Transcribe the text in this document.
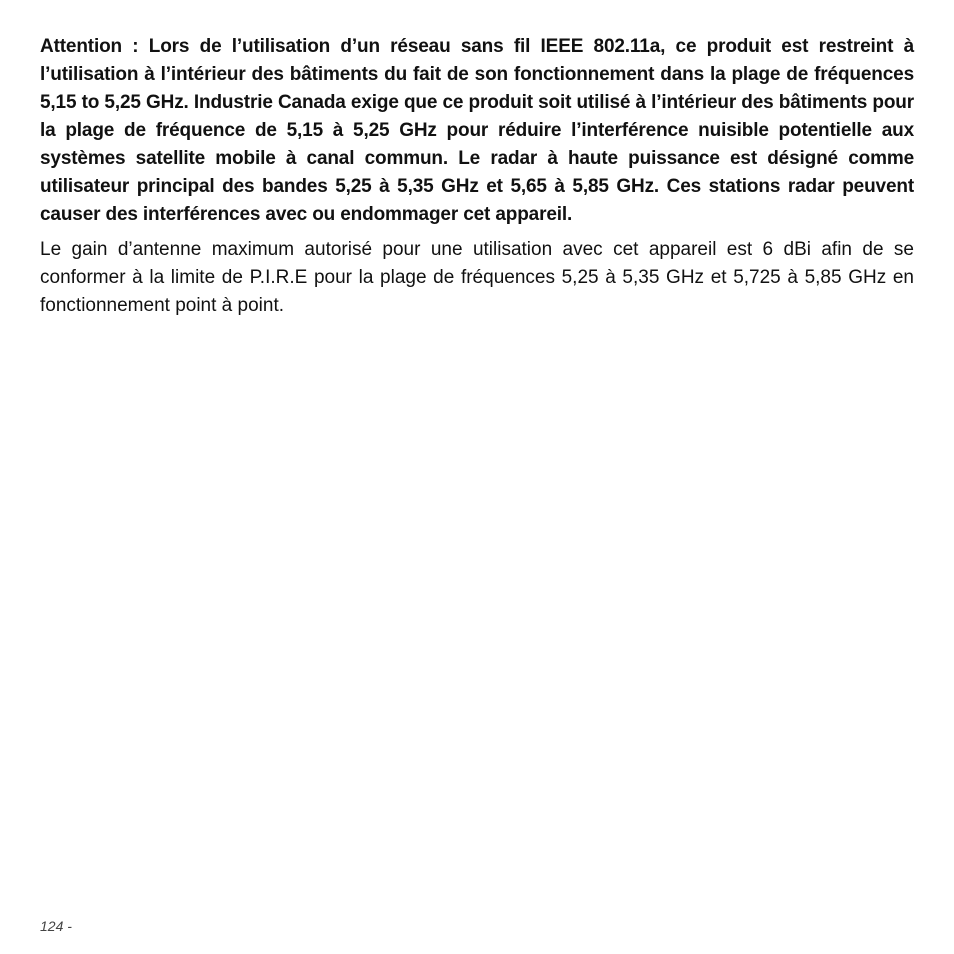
Attention : Lors de l’utilisation d’un réseau sans fil IEEE 802.11a, ce produit est restreint à l’utilisation à l’intérieur des bâtiments du fait de son fonctionnement dans la plage de fréquences 5,15 to 5,25 GHz. Industrie Canada exige que ce produit soit utilisé à l’intérieur des bâtiments pour la plage de fréquence de 5,15 à 5,25 GHz pour réduire l’interférence nuisible potentielle aux systèmes satellite mobile à canal commun. Le radar à haute puissance est désigné comme utilisateur principal des bandes 5,25 à 5,35 GHz et 5,65 à 5,85 GHz. Ces stations radar peuvent causer des interférences avec ou endommager cet appareil.

Le gain d’antenne maximum autorisé pour une utilisation avec cet appareil est 6 dBi afin de se conformer à la limite de P.I.R.E pour la plage de fréquences 5,25 à 5,35 GHz et 5,725 à 5,85 GHz en fonctionnement point à point.

124 -
